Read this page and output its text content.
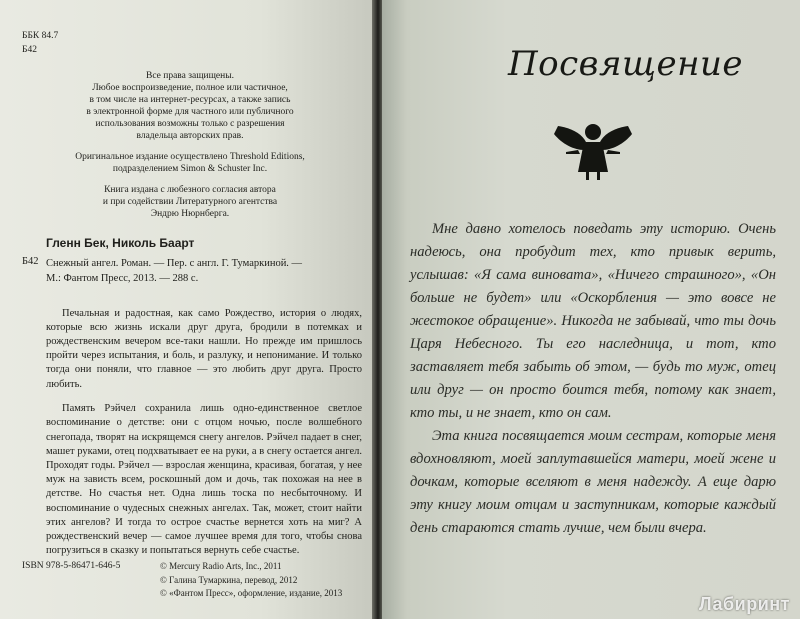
ББК 84.7
Б42

Все права защищены.

Любое воспроизведение, полное или частичное,

в том числе на интернет-ресурсах, а также запись

в электронной форме для частного или публичного

использования возможны только с разрешения

владельца авторских прав.

Оригинальное издание осуществлено Threshold Editions,

подразделением Simon & Schuster Inc.

Книга издана с любезного согласия автора

и при содействии Литературного агентства

Эндрю Нюрнберга.

Гленн Бек, Николь Баарт
Б42 Снежный ангел. Роман. — Пер. с англ. Г. Тумаркиной. —
М.: Фантом Пресс, 2013. — 288 с.

Печальная и радостная, как само Рождество, история о людях, которые всю жизнь искали друг друга, бродили в потемках и рождественским вечером все-таки нашли. Но прежде им пришлось пройти через испытания, и боль, и разлуку, и непонимание. И только тогда они поняли, что главное — это любить друг друга. Просто любить.

Память Рэйчел сохранила лишь одно-единственное светлое воспоминание о детстве: они с отцом ночью, после волшебного снегопада, творят на искрящемся снегу ангелов. Рэйчел падает в снег, машет руками, отец подхватывает ее на руки, а в снегу остается ангел. Проходят годы. Рэйчел — взрослая женщина, красивая, богатая, у нее муж на зависть всем, роскошный дом и дочь, так похожая на нее в детстве. Но счастья нет. Одна лишь тоска по несбыточному. И воспоминание о чудесных снежных ангелах. Так, может, стоит найти этих ангелов? И тогда то острое счастье вернется хоть на миг? А рождественский вечер — самое лучшее время для того, чтобы снова погрузиться в сказку и попытаться вернуть себе счастье.

ISBN 978-5-86471-646-5	© Mercury Radio Arts, Inc., 2011
© Галина Тумаркина, перевод, 2012
© «Фантом Пресс», оформление, издание, 2013
Посвящение

Мне давно хотелось поведать эту историю. Очень надеюсь, она пробудит тех, кто привык верить, услышав: «Я сама виновата», «Ничего страшного», «Он больше не будет» или «Оскорбления — это вовсе не жестокое обращение». Никогда не забывай, что ты дочь Царя Небесного. Ты его наследница, и тот, кто заставляет тебя забыть об этом, — будь то муж, отец или друг — он просто боится тебя, потому как знает, кто ты, и не знает, кто он сам.

Эта книга посвящается моим сестрам, которые меня вдохновляют, моей заплутавшейся матери, моей жене и дочкам, которые вселяют в меня надежду. А еще дарю эту книгу моим отцам и заступникам, которые каждый день стараются стать лучше, чем были вчера.

Лабиринт
